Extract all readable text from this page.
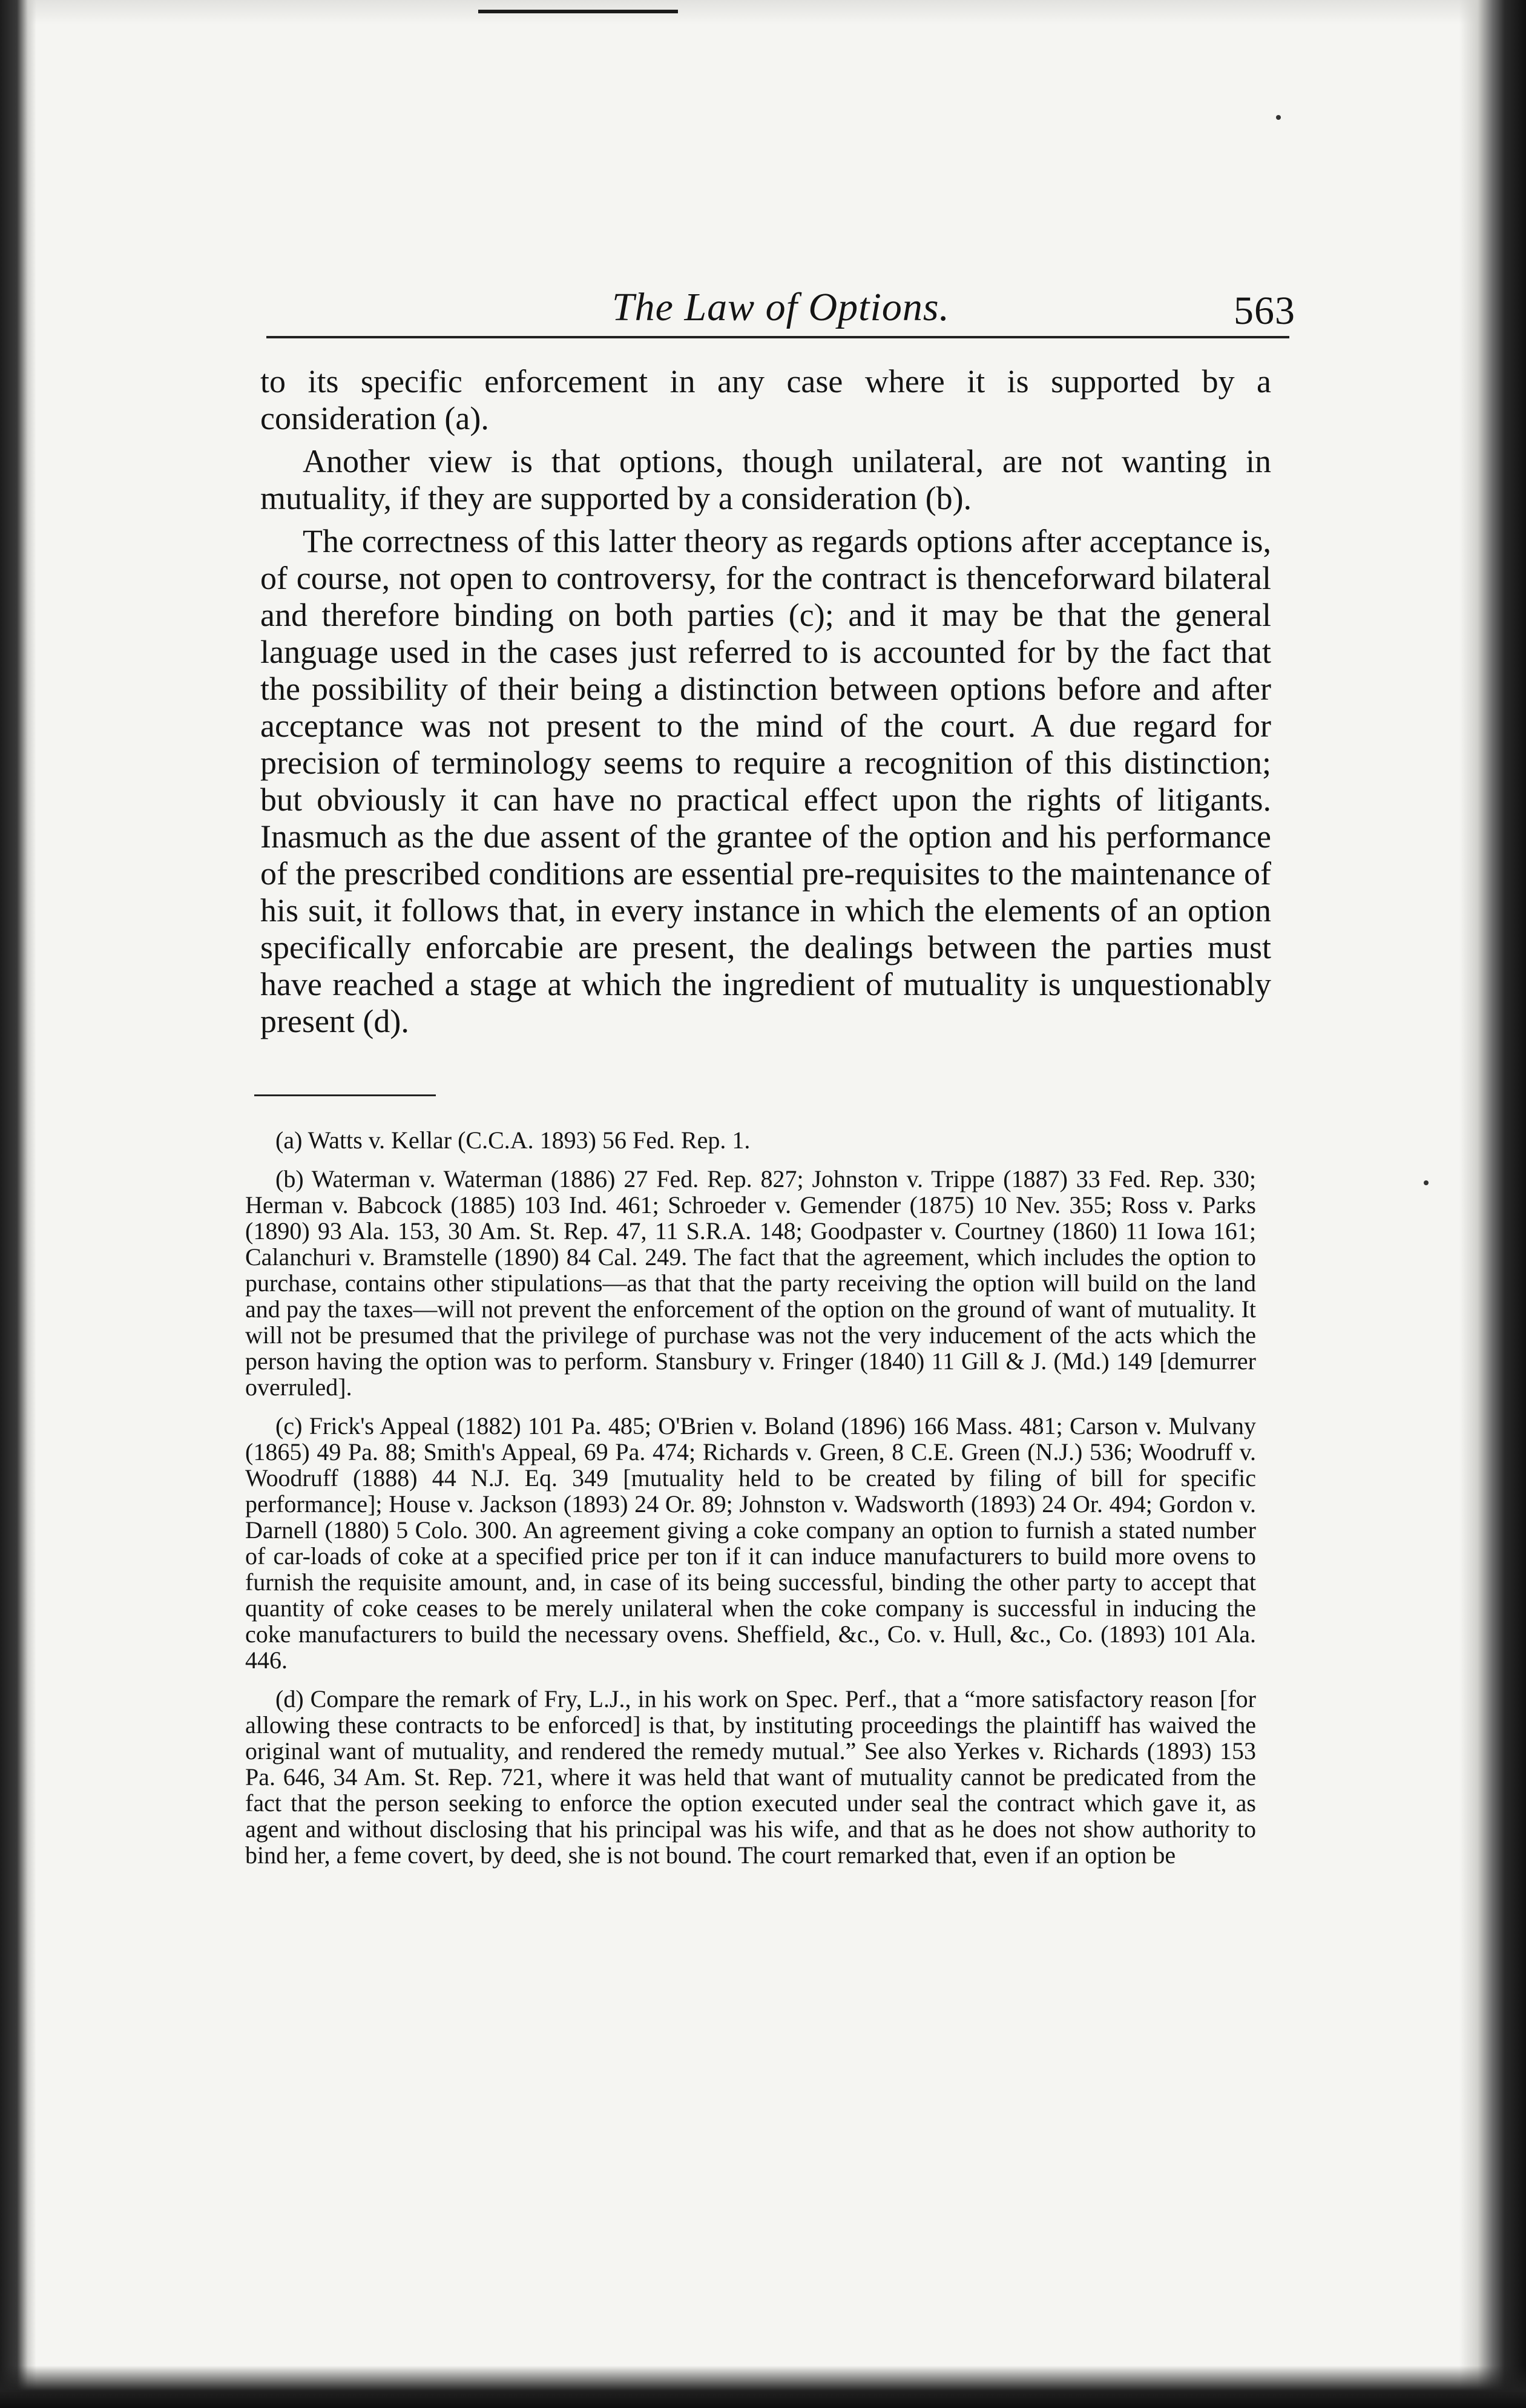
The Law of Options.	563

to its specific enforcement in any case where it is supported by a consideration (a).

Another view is that options, though unilateral, are not wanting in mutuality, if they are supported by a consideration (b).

The correctness of this latter theory as regards options after acceptance is, of course, not open to controversy, for the contract is thenceforward bilateral and therefore binding on both parties (c); and it may be that the general language used in the cases just referred to is accounted for by the fact that the possibility of their being a distinction between options before and after acceptance was not present to the mind of the court. A due regard for precision of terminology seems to require a recognition of this distinction; but obviously it can have no practical effect upon the rights of litigants. Inasmuch as the due assent of the grantee of the option and his performance of the prescribed conditions are essential pre-requisites to the maintenance of his suit, it follows that, in every instance in which the elements of an option specifically enforcabie are present, the dealings between the parties must have reached a stage at which the ingredient of mutuality is unquestionably present (d).

(a) Watts v. Kellar (C.C.A. 1893) 56 Fed. Rep. 1.

(b) Waterman v. Waterman (1886) 27 Fed. Rep. 827; Johnston v. Trippe (1887) 33 Fed. Rep. 330; Herman v. Babcock (1885) 103 Ind. 461; Schroeder v. Gemender (1875) 10 Nev. 355; Ross v. Parks (1890) 93 Ala. 153, 30 Am. St. Rep. 47, 11 S.R.A. 148; Goodpaster v. Courtney (1860) 11 Iowa 161; Calanchuri v. Bramstelle (1890) 84 Cal. 249. The fact that the agreement, which includes the option to purchase, contains other stipulations—as that that the party receiving the option will build on the land and pay the taxes—will not prevent the enforcement of the option on the ground of want of mutuality. It will not be presumed that the privilege of purchase was not the very inducement of the acts which the person having the option was to perform. Stansbury v. Fringer (1840) 11 Gill & J. (Md.) 149 [demurrer overruled].

(c) Frick's Appeal (1882) 101 Pa. 485; O'Brien v. Boland (1896) 166 Mass. 481; Carson v. Mulvany (1865) 49 Pa. 88; Smith's Appeal, 69 Pa. 474; Richards v. Green, 8 C.E. Green (N.J.) 536; Woodruff v. Woodruff (1888) 44 N.J. Eq. 349 [mutuality held to be created by filing of bill for specific performance]; House v. Jackson (1893) 24 Or. 89; Johnston v. Wadsworth (1893) 24 Or. 494; Gordon v. Darnell (1880) 5 Colo. 300. An agreement giving a coke company an option to furnish a stated number of car-loads of coke at a specified price per ton if it can induce manufacturers to build more ovens to furnish the requisite amount, and, in case of its being successful, binding the other party to accept that quantity of coke ceases to be merely unilateral when the coke company is successful in inducing the coke manufacturers to build the necessary ovens. Sheffield, &c., Co. v. Hull, &c., Co. (1893) 101 Ala. 446.

(d) Compare the remark of Fry, L.J., in his work on Spec. Perf., that a “more satisfactory reason [for allowing these contracts to be enforced] is that, by instituting proceedings the plaintiff has waived the original want of mutuality, and rendered the remedy mutual.” See also Yerkes v. Richards (1893) 153 Pa. 646, 34 Am. St. Rep. 721, where it was held that want of mutuality cannot be predicated from the fact that the person seeking to enforce the option executed under seal the contract which gave it, as agent and without disclosing that his principal was his wife, and that as he does not show authority to bind her, a feme covert, by deed, she is not bound. The court remarked that, even if an option be
